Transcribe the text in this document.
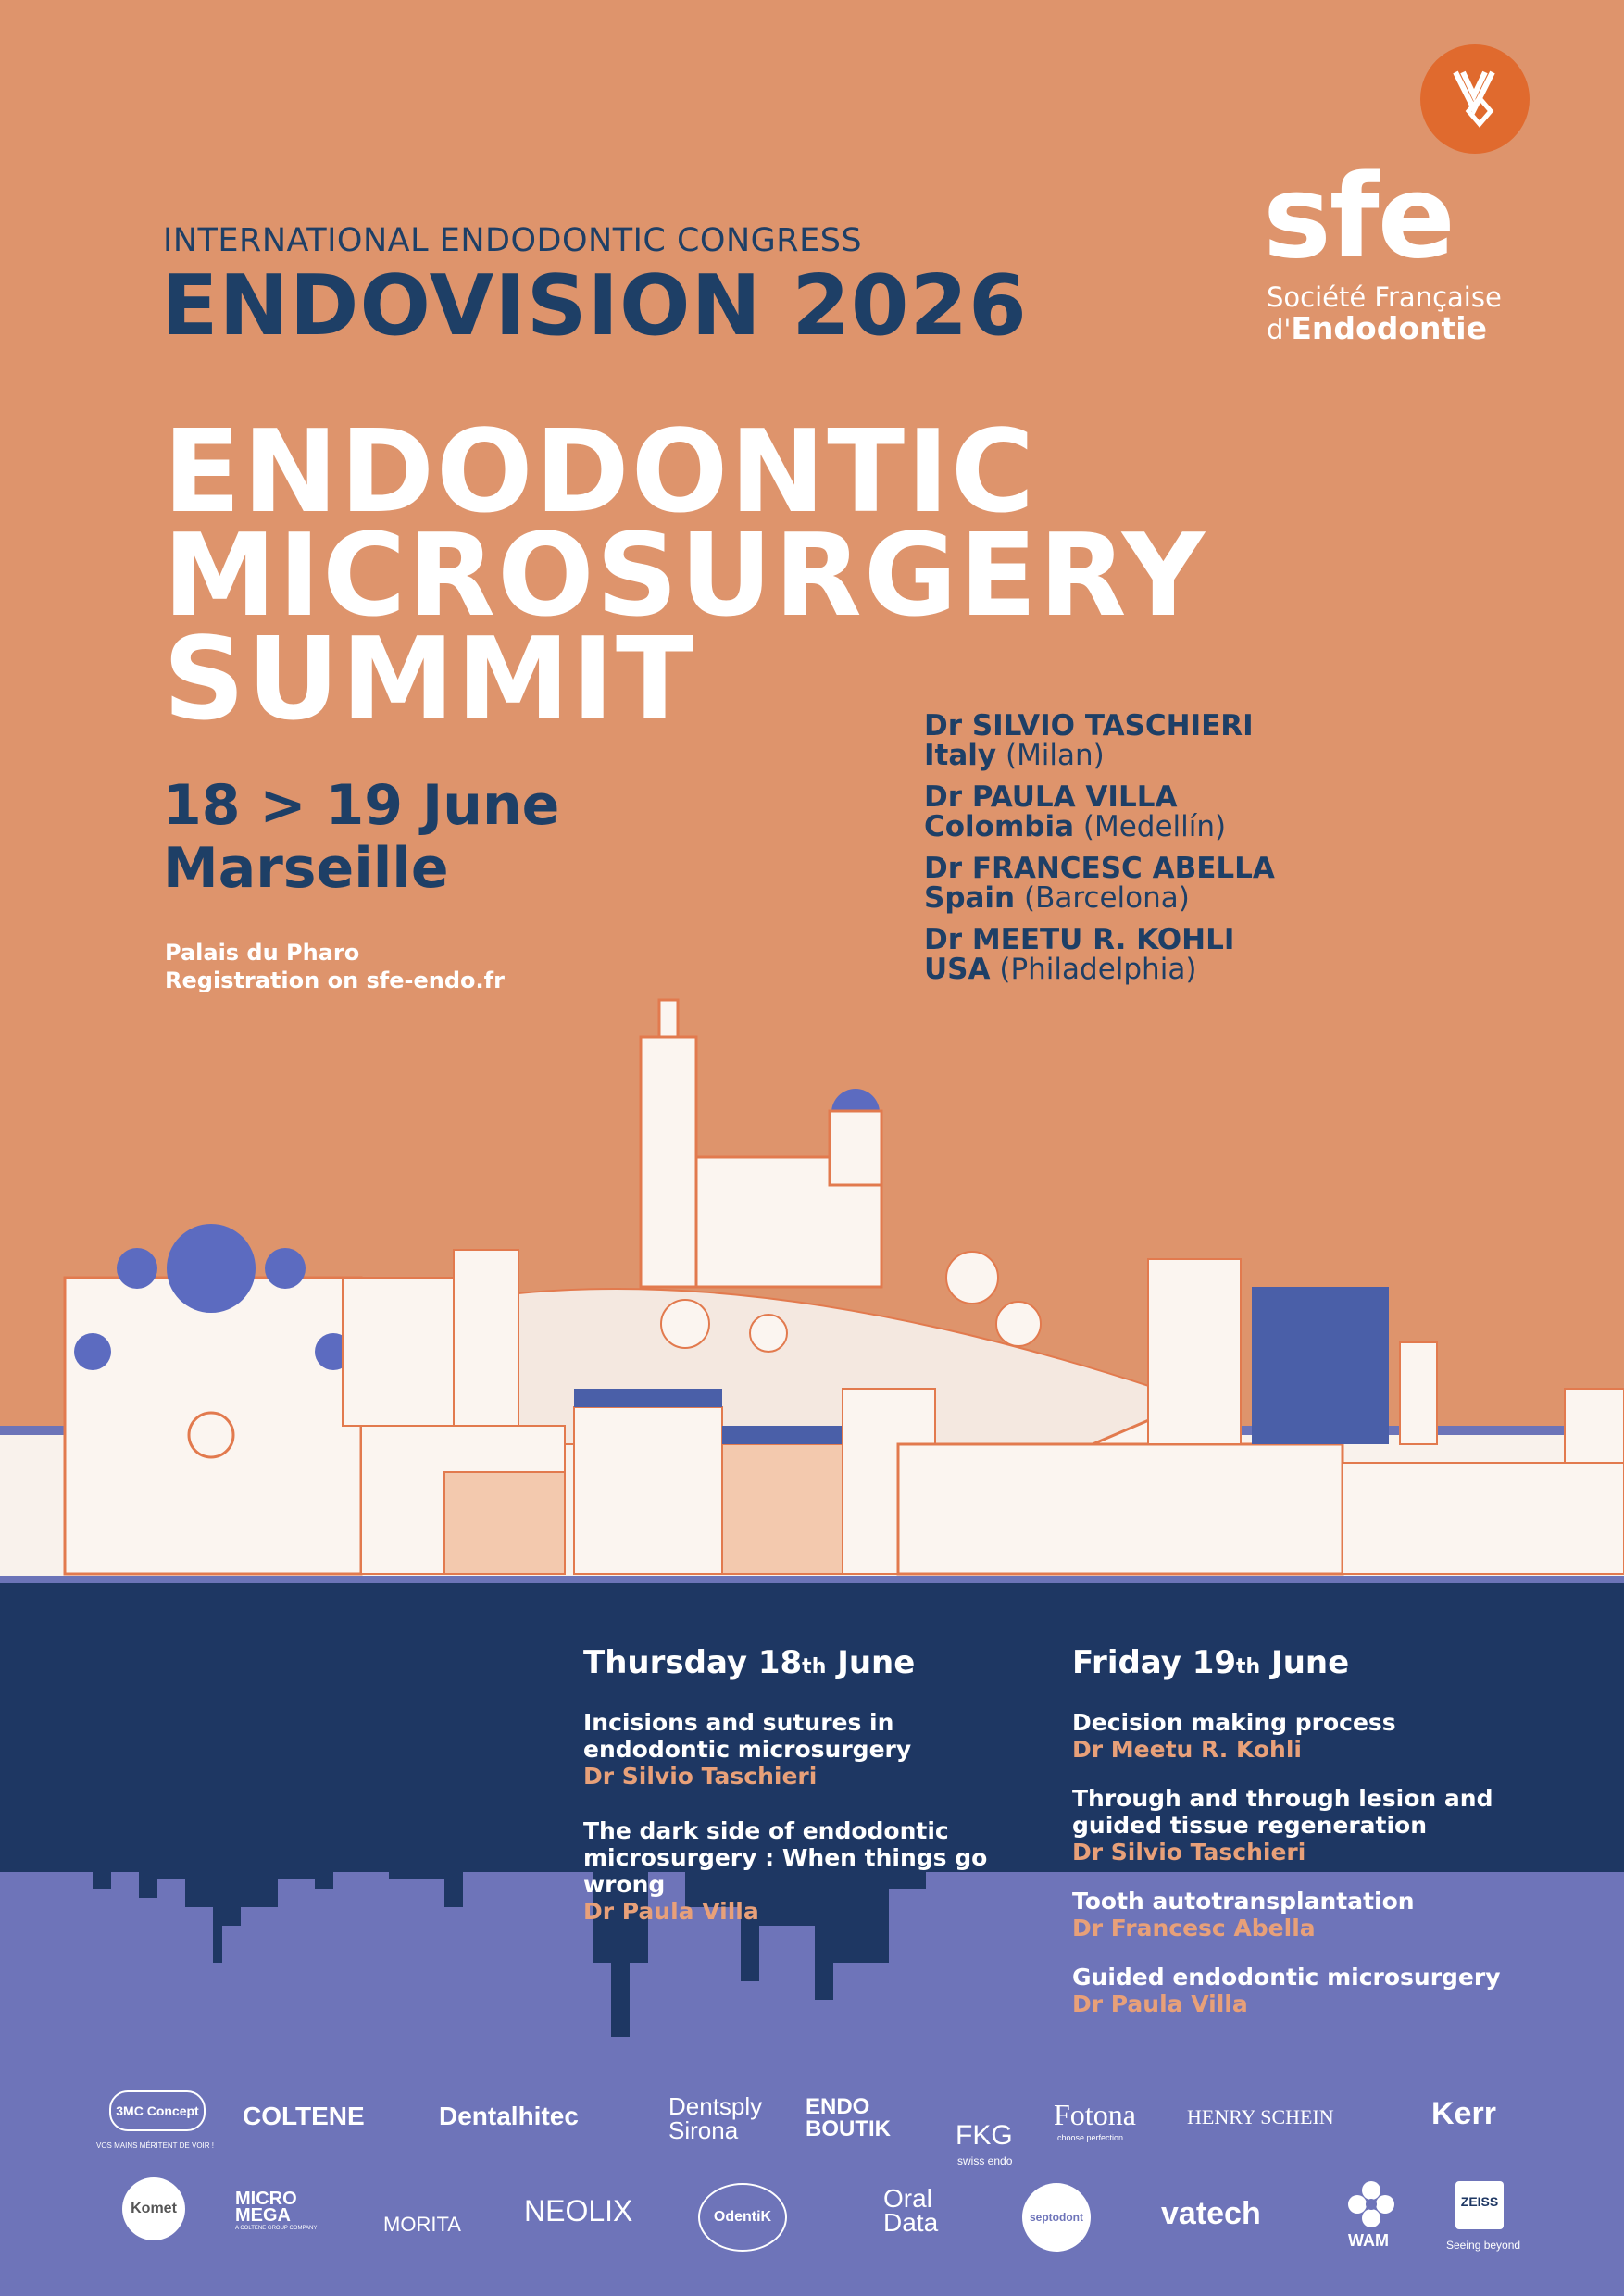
sfe
Société Française
d'Endodontie
INTERNATIONAL ENDODONTIC CONGRESS
ENDOVISION 2026
ENDODONTIC
MICROSURGERY
SUMMIT
18 > 19 June
Marseille
Palais du Pharo
Registration on sfe-endo.fr
Dr SILVIO TASCHIERI
Italy (Milan)
Dr PAULA VILLA
Colombia (Medellín)
Dr FRANCESC ABELLA
Spain (Barcelona)
Dr MEETU R. KOHLI
USA (Philadelphia)
Thursday 18th June
Incisions and sutures in endodontic microsurgery
Dr Silvio Taschieri
The dark side of endodontic microsurgery : When things go wrong
Dr Paula Villa
Friday 19th June
Decision making process
Dr Meetu R. Kohli
Through and through lesion and guided tissue regeneration
Dr Silvio Taschieri
Tooth autotransplantation
Dr Francesc Abella
Guided endodontic microsurgery
Dr Paula Villa
3MC Concept
VOS MAINS MÉRITENT DE VOIR !
COLTENE	Dentalhitec	Dentsply Sirona
ENDO BOUTIK	FKG
swiss endo
Fotona
choose perfection
HENRY SCHEIN	Kerr
Komet	MICRO MEGA
A COLTENE GROUP COMPANY	MORITA NEOLIX	OdentiK
Oral Data	septodont vatech
WAM
ZEISS
Seeing beyond
